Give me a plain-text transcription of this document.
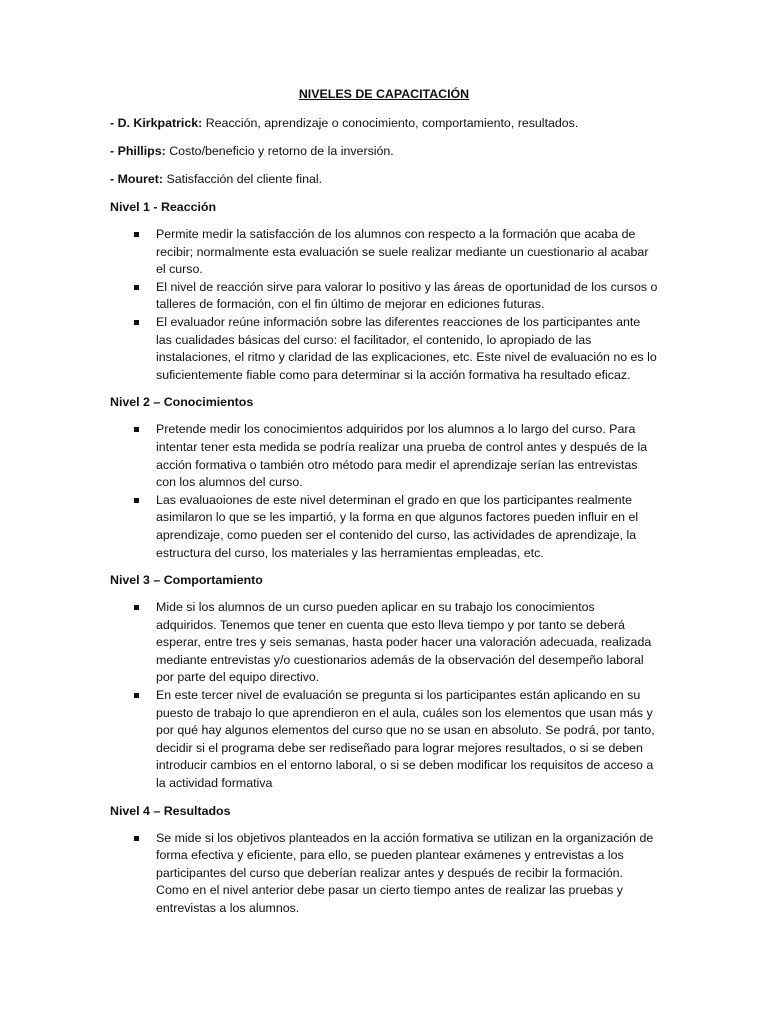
NIVELES DE CAPACITACIÓN

- D. Kirkpatrick: Reacción, aprendizaje o conocimiento, comportamiento, resultados.

- Phillips: Costo/beneficio y retorno de la inversión.

- Mouret: Satisfacción del cliente final.

Nivel 1 - Reacción

Permite medir la satisfacción de los alumnos con respecto a la formación que acaba de recibir; normalmente esta evaluación se suele realizar mediante un cuestionario al acabar el curso.
El nivel de reacción sirve para valorar lo positivo y las áreas de oportunidad de los cursos o talleres de formación, con el fin último de mejorar en ediciones futuras.
El evaluador reúne información sobre las diferentes reacciones de los participantes ante las cualidades básicas del curso: el facilitador, el contenido, lo apropiado de las instalaciones, el ritmo y claridad de las explicaciones, etc. Este nivel de evaluación no es lo suficientemente fiable como para determinar si la acción formativa ha resultado eficaz.

Nivel 2 – Conocimientos

Pretende medir los conocimientos adquiridos por los alumnos a lo largo del curso. Para intentar tener esta medida se podría realizar una prueba de control antes y después de la acción formativa o también otro método para medir el aprendizaje serían las entrevistas con los alumnos del curso.
Las evaluaoiones de este nivel determinan el grado en que los participantes realmente asimilaron lo que se les impartió, y la forma en que algunos factores pueden influir en el aprendizaje, como pueden ser el contenido del curso, las actividades de aprendizaje, la estructura del curso, los materiales y las herramientas empleadas, etc.

Nivel 3 – Comportamiento

Mide si los alumnos de un curso pueden aplicar en su trabajo los conocimientos adquiridos. Tenemos que tener en cuenta que esto lleva tiempo y por tanto se deberá esperar, entre tres y seis semanas, hasta poder hacer una valoración adecuada, realizada mediante entrevistas y/o cuestionarios además de la observación del desempeño laboral por parte del equipo directivo.
En este tercer nivel de evaluación se pregunta si los participantes están aplicando en su puesto de trabajo lo que aprendieron en el aula, cuáles son los elementos que usan más y por qué hay algunos elementos del curso que no se usan en absoluto. Se podrá, por tanto, decidir si el programa debe ser rediseñado para lograr mejores resultados, o si se deben introducir cambios en el entorno laboral, o si se deben modificar los requisitos de acceso a la actividad formativa

Nivel 4 – Resultados

Se mide si los objetivos planteados en la acción formativa se utilizan en la organización de forma efectiva y eficiente, para ello, se pueden plantear exámenes y entrevistas a los participantes del curso que deberían realizar antes y después de recibir la formación. Como en el nivel anterior debe pasar un cierto tiempo antes de realizar las pruebas y entrevistas a los alumnos.
